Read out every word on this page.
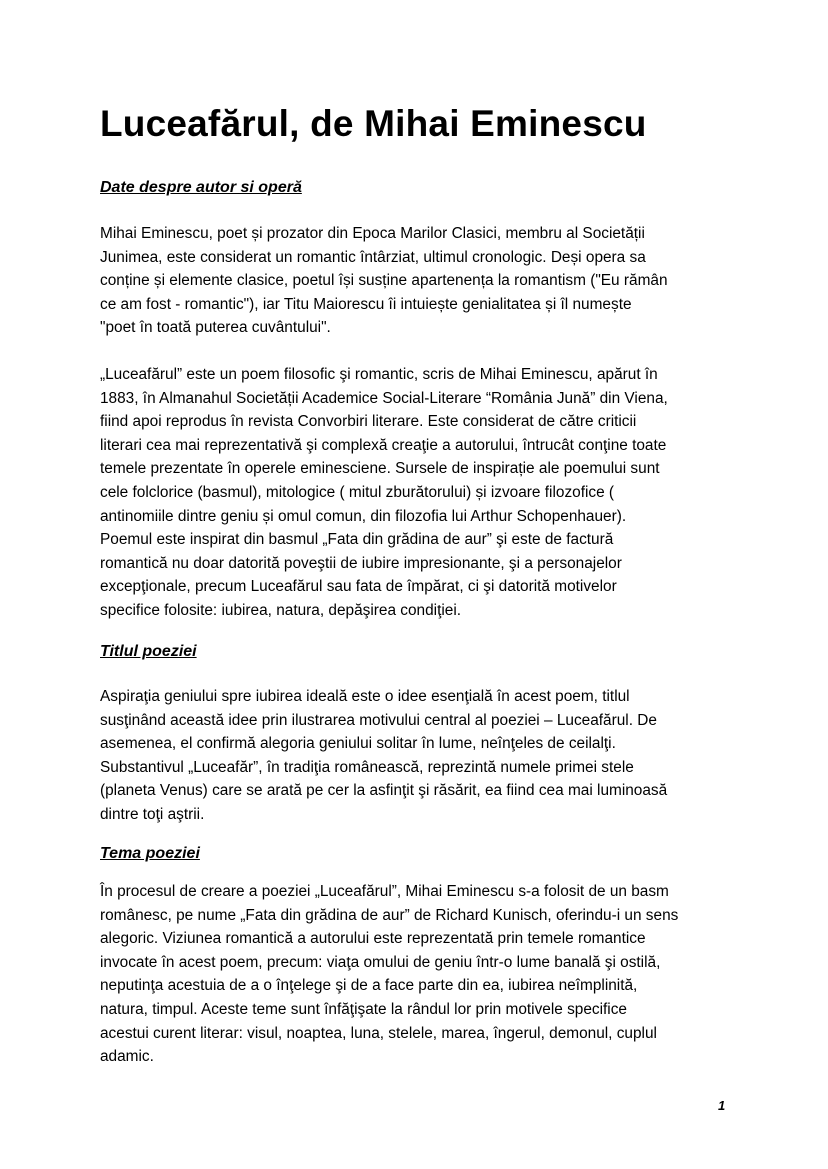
Luceafărul, de Mihai Eminescu
Date despre autor si operă

Mihai Eminescu, poet și prozator din Epoca Marilor Clasici, membru al Societății
Junimea, este considerat un romantic întârziat, ultimul cronologic. Deși opera sa
conține și elemente clasice, poetul își susține apartenența la romantism ("Eu rămân
ce am fost - romantic"), iar Titu Maiorescu îi intuiește genialitatea și îl numește
"poet în toată puterea cuvântului".

„Luceafărul” este un poem filosofic şi romantic, scris de Mihai Eminescu, apărut în
1883, în Almanahul Societății Academice Social-Literare “România Jună” din Viena,
fiind apoi reprodus în revista Convorbiri literare. Este considerat de către criticii
literari cea mai reprezentativă şi complexă creaţie a autorului, întrucât conţine toate
temele prezentate în operele eminesciene. Sursele de inspirație ale poemului sunt
cele folclorice (basmul), mitologice ( mitul zburătorului) și izvoare filozofice (
antinomiile dintre geniu și omul comun, din filozofia lui Arthur Schopenhauer).
Poemul este inspirat din basmul „Fata din grădina de aur” şi este de factură
romantică nu doar datorită poveştii de iubire impresionante, şi a personajelor
excepţionale, precum Luceafărul sau fata de împărat, ci şi datorită motivelor
specifice folosite: iubirea, natura, depăşirea condiţiei.

Titlul poeziei

Aspiraţia geniului spre iubirea ideală este o idee esenţială în acest poem, titlul
susţinând această idee prin ilustrarea motivului central al poeziei – Luceafărul. De
asemenea, el confirmă alegoria geniului solitar în lume, neînţeles de ceilalţi.
Substantivul „Luceafăr”, în tradiţia românească, reprezintă numele primei stele
(planeta Venus) care se arată pe cer la asfinţit şi răsărit, ea fiind cea mai luminoasă
dintre toţi aştrii.

Tema poeziei

În procesul de creare a poeziei „Luceafărul”, Mihai Eminescu s-a folosit de un basm
românesc, pe nume „Fata din grădina de aur” de Richard Kunisch, oferindu-i un sens
alegoric. Viziunea romantică a autorului este reprezentată prin temele romantice
invocate în acest poem, precum: viaţa omului de geniu într-o lume banală şi ostilă,
neputinţa acestuia de a o înţelege şi de a face parte din ea, iubirea neîmplinită,
natura, timpul. Aceste teme sunt înfăţişate la rândul lor prin motivele specifice
acestui curent literar: visul, noaptea, luna, stelele, marea, îngerul, demonul, cuplul
adamic.

1
